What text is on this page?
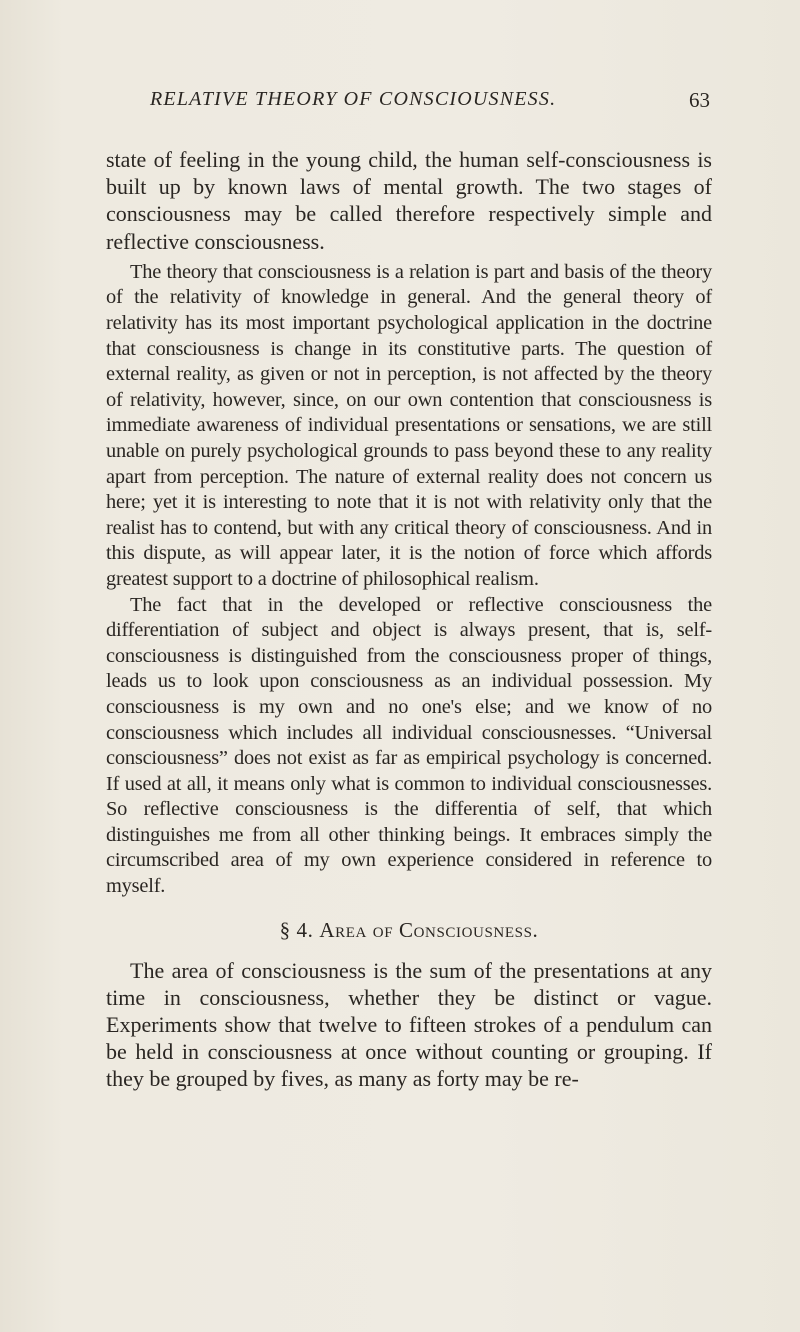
RELATIVE THEORY OF CONSCIOUSNESS.	63

state of feeling in the young child, the human self-consciousness is built up by known laws of mental growth. The two stages of consciousness may be called therefore respectively simple and reflective consciousness.

The theory that consciousness is a relation is part and basis of the theory of the relativity of knowledge in general. And the general theory of relativity has its most important psychological application in the doctrine that consciousness is change in its constitutive parts. The question of external reality, as given or not in perception, is not affected by the theory of relativity, however, since, on our own contention that consciousness is immediate awareness of individual presentations or sensations, we are still unable on purely psychological grounds to pass beyond these to any reality apart from perception. The nature of external reality does not concern us here; yet it is interesting to note that it is not with relativity only that the realist has to contend, but with any critical theory of consciousness. And in this dispute, as will appear later, it is the notion of force which affords greatest support to a doctrine of philosophical realism.

The fact that in the developed or reflective consciousness the differentiation of subject and object is always present, that is, self-consciousness is distinguished from the consciousness proper of things, leads us to look upon consciousness as an individual possession. My consciousness is my own and no one's else; and we know of no consciousness which includes all individual consciousnesses. “Universal consciousness” does not exist as far as empirical psychology is concerned. If used at all, it means only what is common to individual consciousnesses. So reflective consciousness is the differentia of self, that which distinguishes me from all other thinking beings. It embraces simply the circumscribed area of my own experience considered in reference to myself.

§ 4. Area of Consciousness.

The area of consciousness is the sum of the presentations at any time in consciousness, whether they be distinct or vague. Experiments show that twelve to fifteen strokes of a pendulum can be held in consciousness at once without counting or grouping. If they be grouped by fives, as many as forty may be re-
